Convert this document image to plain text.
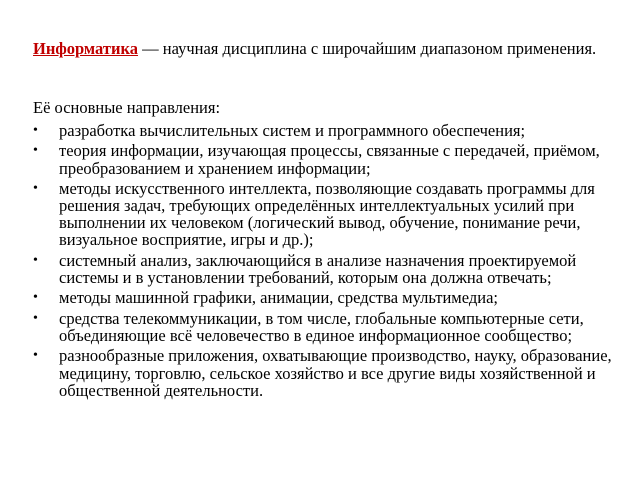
Информатика — научная дисциплина с широчайшим диапазоном применения.

Её основные направления:

• разработка вычислительных систем и программного обеспечения;
• теория информации, изучающая процессы, связанные с передачей, приёмом, преобразованием и хранением информации;
• методы искусственного интеллекта, позволяющие создавать программы для решения задач, требующих определённых интеллектуальных усилий при выполнении их человеком (логический вывод, обучение, понимание речи, визуальное восприятие, игры и др.);
• системный анализ, заключающийся в анализе назначения проектируемой системы и в установлении требований, которым она должна отвечать;
• методы машинной графики, анимации, средства мультимедиа;
• средства телекоммуникации, в том числе, глобальные компьютерные сети, объединяющие всё человечество в единое информационное сообщество;
• разнообразные приложения, охватывающие производство, науку, образование, медицину, торговлю, сельское хозяйство и все другие виды хозяйственной и общественной деятельности.
